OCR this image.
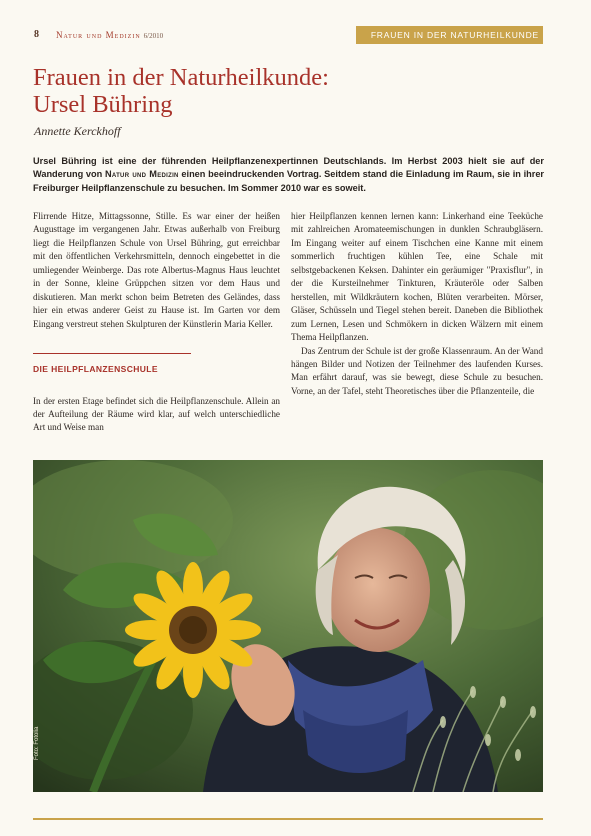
8 Natur und Medizin 6/2010	FRAUEN IN DER NATURHEILKUNDE
Frauen in der Naturheilkunde:
Ursel Bühring
Annette Kerckhoff
Ursel Bühring ist eine der führenden Heilpflanzenexpertinnen Deutschlands. Im Herbst 2003 hielt sie auf der Wanderung von Natur und Medizin einen beeindruckenden Vortrag. Seitdem stand die Einladung im Raum, sie in ihrer Freiburger Heilpflanzenschule zu besuchen. Im Sommer 2010 war es soweit.

Flirrende Hitze, Mittagssonne, Stille. Es war einer der heißen Augusttage im vergangenen Jahr. Etwas außerhalb von Freiburg liegt die Heilpflanzen Schule von Ursel Bühring, gut erreichbar mit den öffentlichen Verkehrsmitteln, dennoch eingebettet in die umliegender Weinberge. Das rote Albertus-Magnus Haus leuchtet in der Sonne, kleine Grüppchen sitzen vor dem Haus und diskutieren. Man merkt schon beim Betreten des Geländes, dass hier ein etwas anderer Geist zu Hause ist. Im Garten vor dem Eingang verstreut stehen Skulpturen der Künstlerin Maria Keller.

DIE HEILPFLANZENSCHULE

In der ersten Etage befindet sich die Heilpflanzenschule. Allein an der Aufteilung der Räume wird klar, auf welch unterschiedliche Art und Weise man

hier Heilpflanzen kennen lernen kann: Linkerhand eine Teeküche mit zahlreichen Aromateemischungen in dunklen Schraubgläsern. Im Eingang weiter auf einem Tischchen eine Kanne mit einem sommerlich fruchtigen kühlen Tee, eine Schale mit selbstgebackenen Keksen. Dahinter ein geräumiger "Praxisflur", in der die Kursteilnehmer Tinkturen, Kräuteröle oder Salben herstellen, mit Wildkräutern kochen, Blüten verarbeiten. Mörser, Gläser, Schüsseln und Tiegel stehen bereit. Daneben die Bibliothek zum Lernen, Lesen und Schmökern in dicken Wälzern mit einem Thema Heilpflanzen.

Das Zentrum der Schule ist der große Klassenraum. An der Wand hängen Bilder und Notizen der Teilnehmer des laufenden Kurses. Man erfährt darauf, was sie bewegt, diese Schule zu besuchen. Vorne, an der Tafel, steht Theoretisches über die Pflanzenteile, die
